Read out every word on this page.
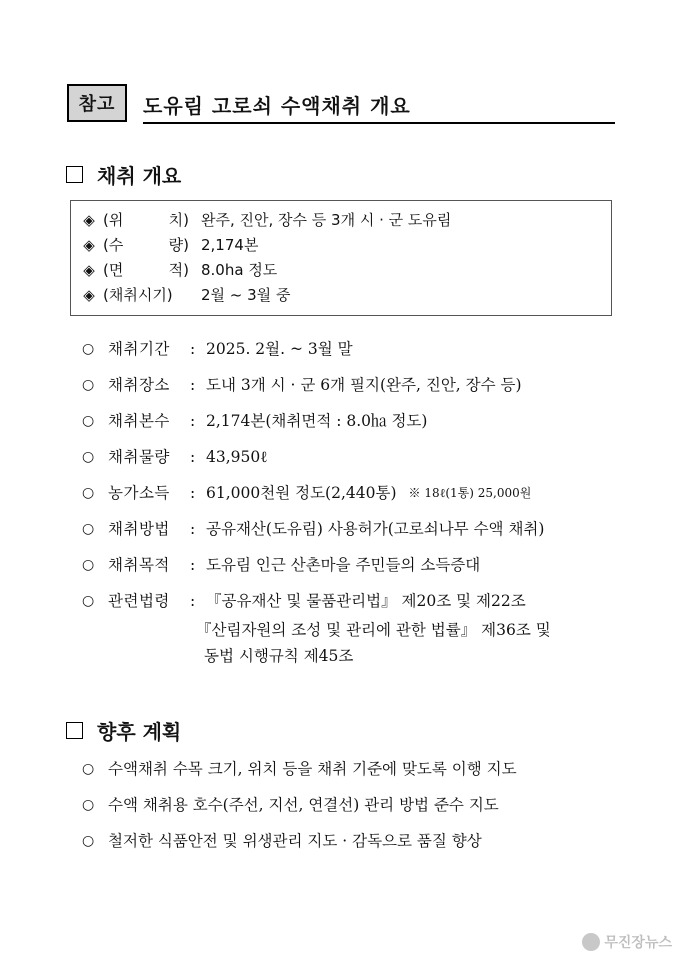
참고	도유림 고로쇠 수액채취 개요
채취 개요
◈ (위	치) 완주, 진안, 장수 등 3개 시 · 군 도유림
◈ (수	량) 2,174본
◈ (면	적) 8.0ha 정도
◈ (채취시기) 2월 ~ 3월 중
○ 채취기간	: 2025. 2월. ~ 3월 말
○ 채취장소	: 도내 3개 시 · 군 6개 필지(완주, 진안, 장수 등)
○ 채취본수	: 2,174본(채취면적 : 8.0㏊ 정도)
○ 채취물량	: 43,950ℓ
○ 농가소득	: 61,000천원 정도(2,440통) ※ 18ℓ(1통) 25,000원
○ 채취방법	: 공유재산(도유림) 사용허가(고로쇠나무 수액 채취)
○ 채취목적	: 도유림 인근 산촌마을 주민들의 소득증대
○ 관련법령	: 『공유재산 및 물품관리법』 제20조 및 제22조
『산림자원의 조성 및 관리에 관한 법률』 제36조 및
동법 시행규칙 제45조
향후 계획
○ 수액채취 수목 크기, 위치 등을 채취 기준에 맞도록 이행 지도
○ 수액 채취용 호수(주선, 지선, 연결선) 관리 방법 준수 지도
○ 철저한 식품안전 및 위생관리 지도 · 감독으로 품질 향상
무진장뉴스
